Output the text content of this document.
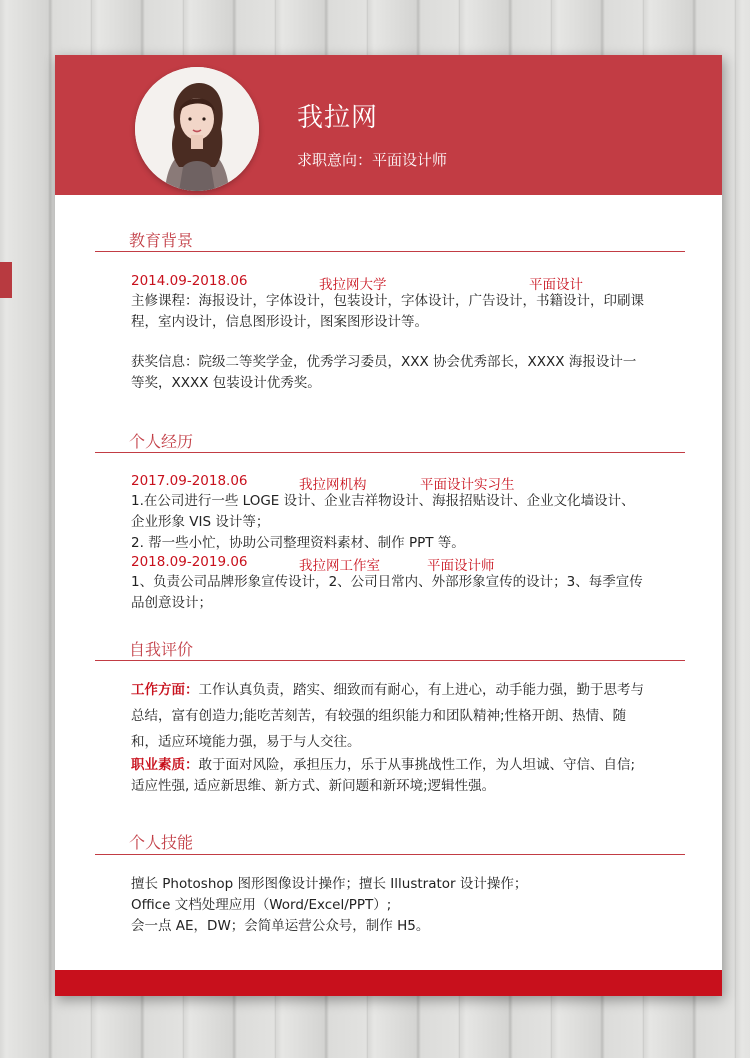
我拉网
求职意向：平面设计师
教育背景
2014.09-2018.06	我拉网大学	平面设计
主修课程：海报设计，字体设计，包装设计，字体设计，广告设计，书籍设计，印刷课程，室内设计，信息图形设计，图案图形设计等。
获奖信息：院级二等奖学金，优秀学习委员，XXX 协会优秀部长，XXXX 海报设计一等奖，XXXX 包装设计优秀奖。
个人经历
2017.09-2018.06	我拉网机构	平面设计实习生
1.在公司进行一些 LOGE 设计、企业吉祥物设计、海报招贴设计、企业文化墙设计、企业形象 VIS 设计等；
2. 帮一些小忙，协助公司整理资料素材、制作 PPT 等。
2018.09-2019.06	我拉网工作室	平面设计师
1、负责公司品牌形象宣传设计，2、公司日常内、外部形象宣传的设计；3、每季宣传品创意设计；
自我评价
工作方面：工作认真负责，踏实、细致而有耐心，有上进心，动手能力强，勤于思考与总结，富有创造力;能吃苦刻苦，有较强的组织能力和团队精神;性格开朗、热情、随和，适应环境能力强，易于与人交往。
职业素质：敢于面对风险，承担压力，乐于从事挑战性工作，为人坦诚、守信、自信;适应性强, 适应新思维、新方式、新问题和新环境;逻辑性强。
个人技能
擅长 Photoshop 图形图像设计操作；擅长 Illustrator 设计操作；
Office 文档处理应用（Word/Excel/PPT）;
会一点 AE，DW；会简单运营公众号，制作 H5。
